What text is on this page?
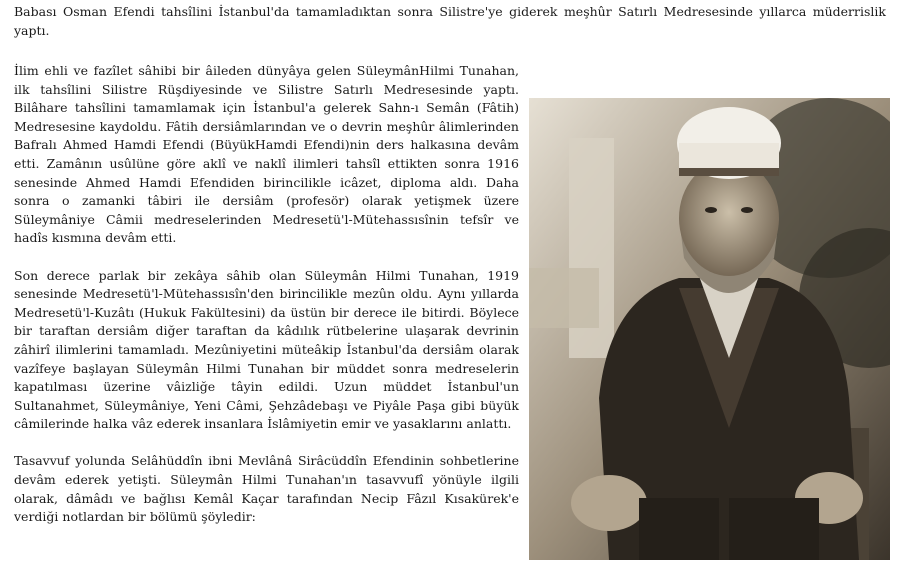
Babası Osman Efendi tahsîlini İstanbul'da tamamladıktan sonra Silistre'ye giderek meşhûr Satırlı Medresesinde yıllarca müderrislik yaptı.

İlim ehli ve fazîlet sâhibi bir âileden dünyâya gelen SüleymânHilmi Tunahan, ilk tahsîlini Silistre Rüşdiyesinde ve Silistre Satırlı Medresesinde yaptı. Bilâhare tahsîlini tamamlamak için İstanbul'a gelerek Sahn-ı Semân (Fâtih) Medresesine kaydoldu. Fâtih dersiâmlarından ve o devrin meşhûr âlimlerinden Bafralı Ahmed Hamdi Efendi (BüyükHamdi Efendi)nin ders halkasına devâm etti. Zamânın usûlüne göre aklî ve naklî ilimleri tahsîl ettikten sonra 1916 senesinde Ahmed Hamdi Efendiden birincilikle icâzet, diploma aldı. Daha sonra o zamanki tâbiri ile dersiâm (profesör) olarak yetişmek üzere Süleymâniye Câmii medreselerinden Medresetü'l-Mütehassısînin tefsîr ve hadîs kısmına devâm etti.

Son derece parlak bir zekâya sâhib olan Süleymân Hilmi Tunahan, 1919 senesinde Medresetü'l-Mütehassısîn'den birincilikle mezûn oldu. Aynı yıllarda Medresetü'l-Kuzâtı (Hukuk Fakültesini) da üstün bir derece ile bitirdi. Böylece bir taraftan dersiâm diğer taraftan da kâdılık rütbelerine ulaşarak devrinin zâhirî ilimlerini tamamladı. Mezûniyetini müteâkip İstanbul'da dersiâm olarak vazîfeye başlayan Süleymân Hilmi Tunahan bir müddet sonra medreselerin kapatılması üzerine vâizliğe tâyin edildi. Uzun müddet İstanbul'un Sultanahmet, Süleymâniye, Yeni Câmi, Şehzâdebaşı ve Piyâle Paşa gibi büyük câmilerinde halka vâz ederek insanlara İslâmiyetin emir ve yasaklarını anlattı.

Tasavvuf yolunda Selâhüddîn ibni Mevlânâ Sirâcüddîn Efendinin sohbetlerine devâm ederek yetişti. Süleymân Hilmi Tunahan'ın tasavvufî yönüyle ilgili olarak, dâmâdı ve bağlısı Kemâl Kaçar tarafından Necip Fâzıl Kısakürek'e verdiği notlardan bir bölümü şöyledir:
